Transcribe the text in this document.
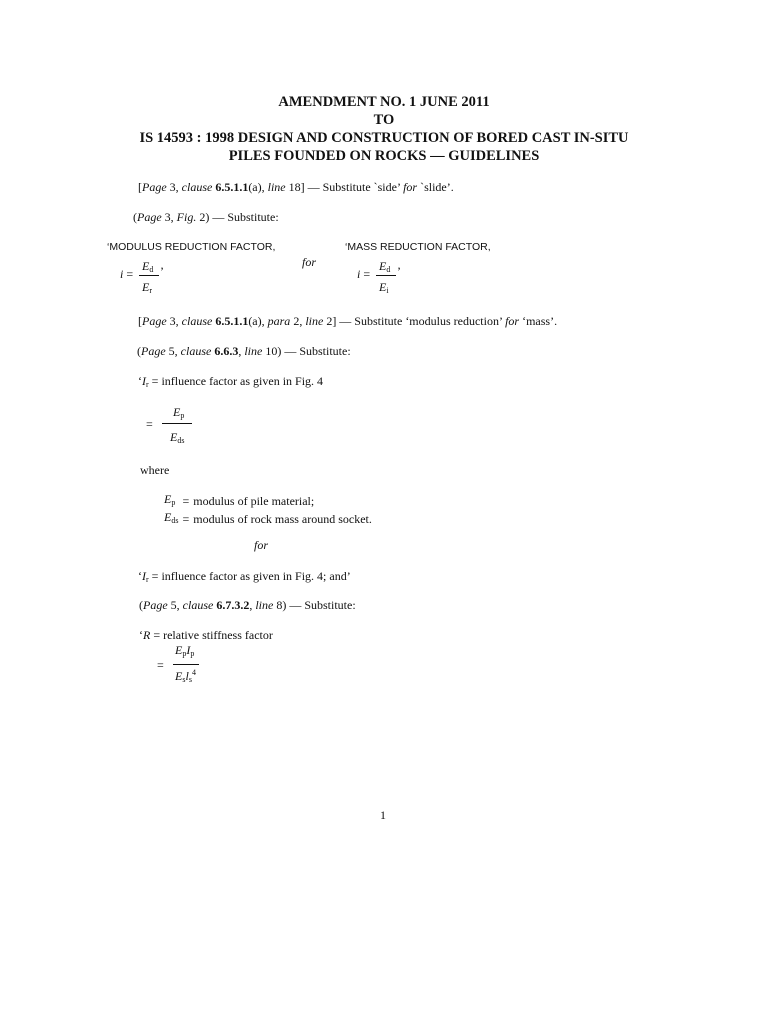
AMENDMENT NO. 1 JUNE 2011
TO
IS 14593 : 1998 DESIGN AND CONSTRUCTION OF BORED CAST IN-SITU
PILES FOUNDED ON ROCKS — GUIDELINES
[Page 3, clause 6.5.1.1(a), line 18] — Substitute `side’ for `slide’.
(Page 3, Fig. 2) — Substitute:
‘MODULUS REDUCTION FACTOR,	‘MASS REDUCTION FACTOR,
for
i =
$E_d$ ’
$E_r$
i =
$E_d$ ’
$E_i$
[Page 3, clause 6.5.1.1(a), para 2, line 2] — Substitute ‘modulus reduction’ for ‘mass’.
(Page 5, clause 6.6.3, line 10) — Substitute:
‘$I_r$ = influence factor as given in Fig. 4
=
$E_p$
$E_{ds}$
where
$E_p$	=	modulus of pile material;
$E_{ds}$	=	modulus of rock mass around socket.
for
‘$I_r$ = influence factor as given in Fig. 4; and’
(Page 5, clause 6.7.3.2, line 8) — Substitute:
‘R = relative stiffness factor
=
$E_pI_p$
$E_sl_s^4$
1
